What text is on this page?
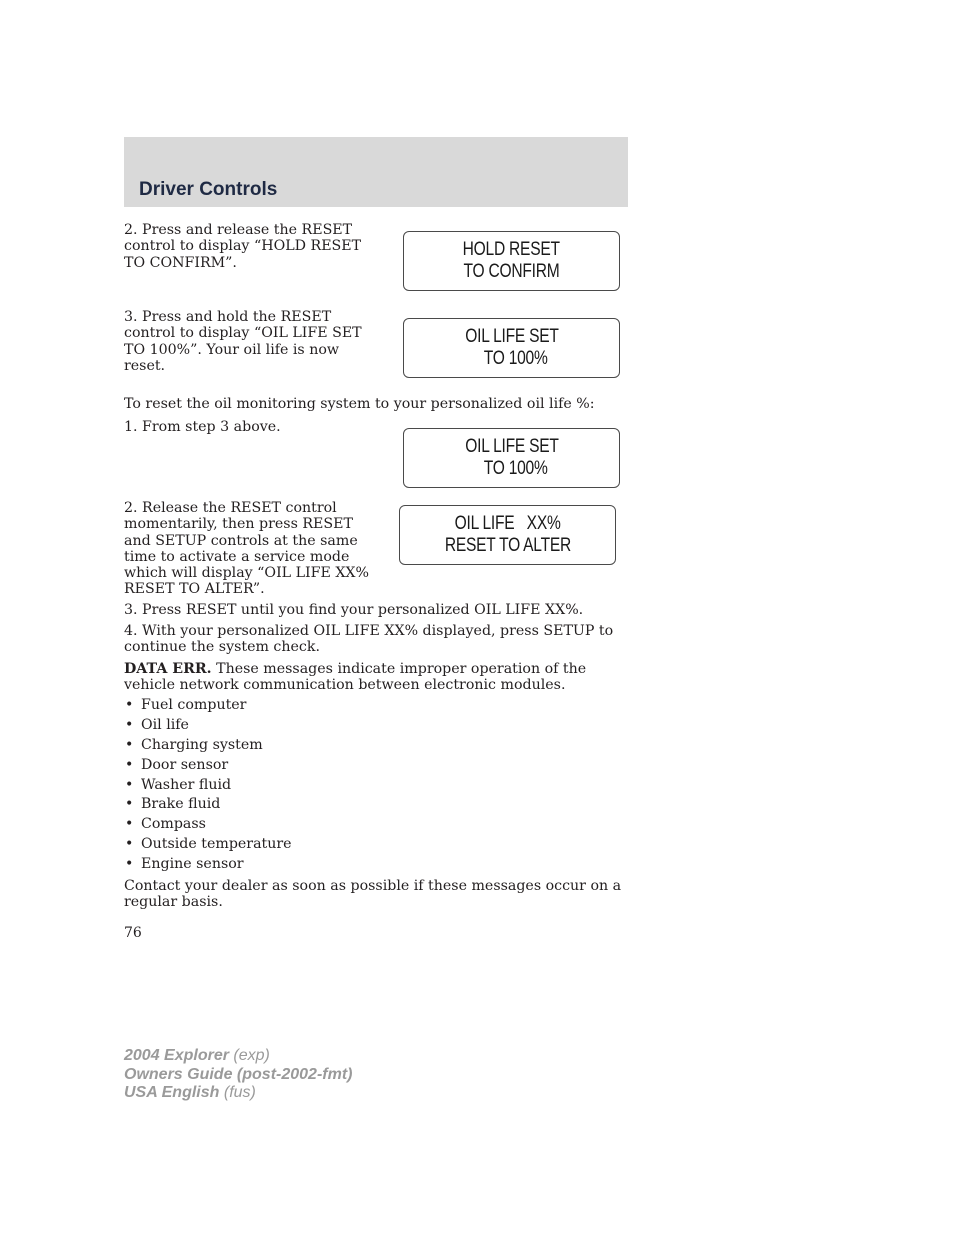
Driver Controls

2. Press and release the RESET control to display “HOLD RESET TO CONFIRM”.

HOLD RESET
TO CONFIRM

3. Press and hold the RESET control to display “OIL LIFE SET TO 100%”. Your oil life is now reset.

OIL LIFE SET
TO 100%

To reset the oil monitoring system to your personalized oil life %:

1. From step 3 above.

OIL LIFE SET
TO 100%

2. Release the RESET control momentarily, then press RESET and SETUP controls at the same time to activate a service mode which will display “OIL LIFE XX% RESET TO ALTER”.

OIL LIFE   XX%
RESET TO ALTER

3. Press RESET until you find your personalized OIL LIFE XX%.

4. With your personalized OIL LIFE XX% displayed, press SETUP to continue the system check.

DATA ERR. These messages indicate improper operation of the vehicle network communication between electronic modules.

• Fuel computer
• Oil life
• Charging system
• Door sensor
• Washer fluid
• Brake fluid
• Compass
• Outside temperature
• Engine sensor

Contact your dealer as soon as possible if these messages occur on a regular basis.

76
2004 Explorer (exp)
Owners Guide (post-2002-fmt)
USA English (fus)
